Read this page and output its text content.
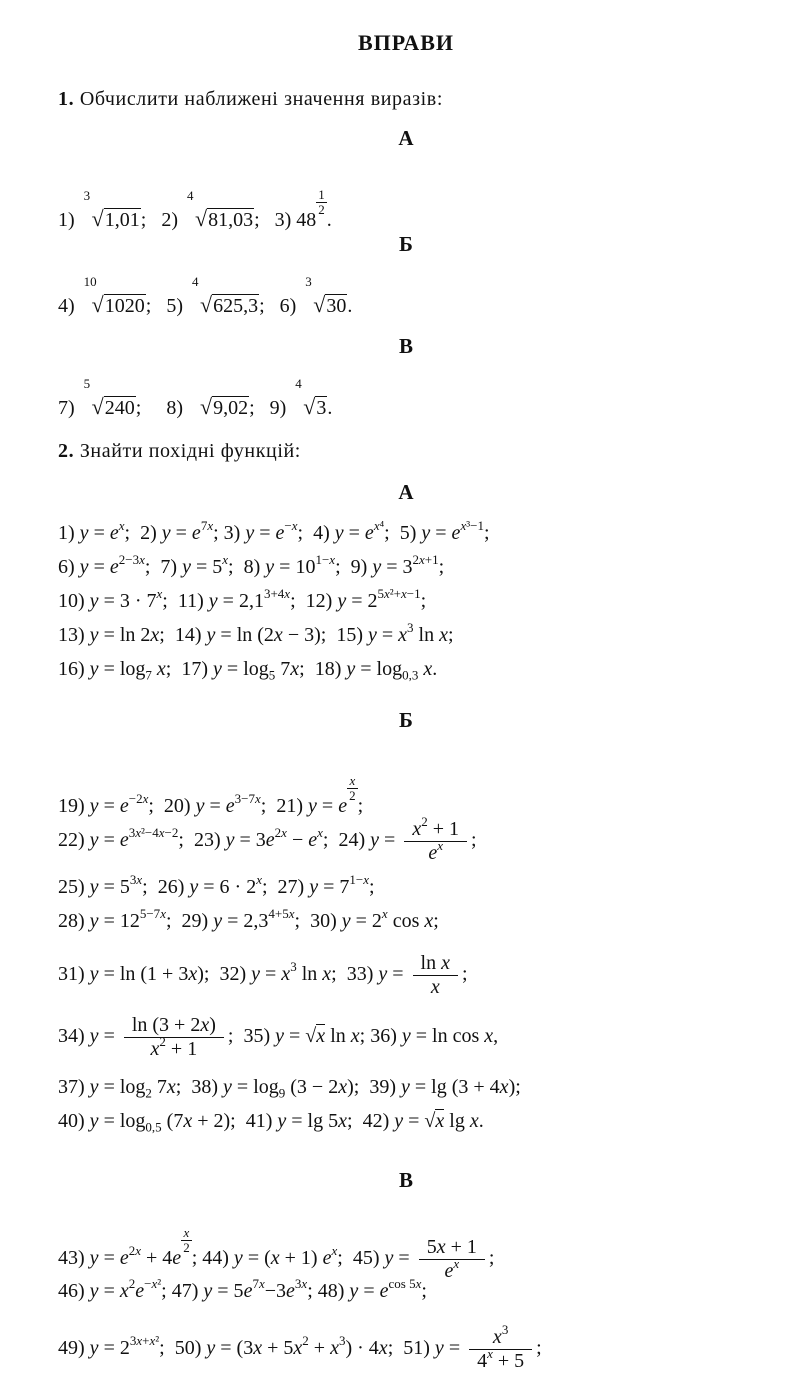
ВПРАВИ
1. Обчислити наближені значення виразів:
А
1)
3
√1,01; 2)
4
√81,03; 3) 48
$\frac{1}{2}$
.
Б
4)
10
√1020; 5)
4
√625,3; 6)
3
√30.
В
7)
5
√240; 8) √9,02; 9)
4
√3.
2. Знайти похідні функцій:
А
1) $y = e^x$;  2) $y = e^{7x}$; 3) $y = e^{-x}$;  4) $y = e^{x^4}$;  5) $y = e^{x^3-1}$;
6) $y = e^{2-3x}$;  7) $y = 5^x$;  8) $y = 10^{1-x}$;  9) $y = 3^{2x+1}$;
10) $y = 3 \cdot 7^x$;  11) $y = 2,1^{3+4x}$;  12) $y = 2^{5x^2+x-1}$;
13) y = ln 2x;  14) y = ln (2x − 3);  15) $y = x^3$ ln x;
16) $y = \log_7 x$;  17) $y = \log_5 7x$;  18) $y = \log_{0,3} x$.
Б
19) $y = e^{-2x}$;  20) $y = e^{3-7x}$;  21) y = e
$\frac{x}{2}$
;
22) $y = e^{3x^2-4x-2}$;  23) $y = 3e^{2x} - e^x$;  24) $y = \frac{x^2 + 1}{e^x}$ ;
25) $y = 5^{3x}$;  26) $y = 6 \cdot 2^x$;  27) $y = 7^{1-x}$;
28) $y = 12^{5-7x}$;  29) $y = 2,3^{4+5x}$;  30) $y = 2^x$ cos x;
31) y = ln (1 + 3x);  32) $y = x^3$ ln x;  33) $y = \frac{\text{ln x}}{x}$ ;
34) $y = \frac{\ln (3 + 2x)}{x^2 + 1}$ ;  35) y = √x ln x; 36) y = ln cos x,
37) $y = \log_2 7x$;  38) $y = \log_9 (3 - 2x)$;  39) y = lg (3 + 4x);
40) $y = \log_{0,5} (7x + 2)$;  41) y = lg 5x;  42) y = √x lg x.
В
43) $y = e^{2x} + 4e$
$\frac{x}{2}$
; 44) y = (x + 1) $e^x$;  45) $y = \frac{5x + 1}{e^x}$ ;
46) $y = x^2e^{-x^2}$; 47) $y = 5e^{7x}-3e^{3x}$; 48) $y = e^{cos 5x}$;
49) $y = 2^{3x+x^2}$;  50) $y = (3x + 5x^2 + x^3) \cdot 4x$;  51) $y = \frac{x^3}{4^x + 5}$ ;
